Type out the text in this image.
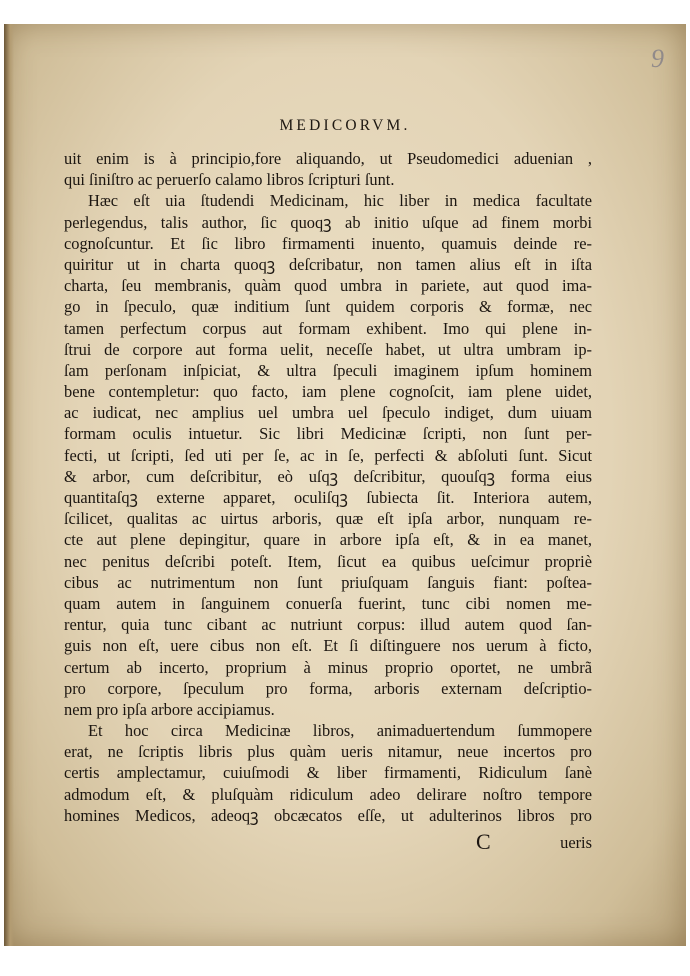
9
MEDICORVM.
uit enim is à principio,fore aliquando, ut Pseudomedici aduenian ,
qui ſiniſtro ac peruerſo calamo libros ſcripturi ſunt.
Hæc eſt uia ſtudendi Medicinam, hic liber in medica facultate
perlegendus, talis author, ſic quoqꝫ ab initio uſque ad finem morbi
cognoſcuntur. Et ſic libro firmamenti inuento, quamuis deinde re-
quiritur ut in charta quoqꝫ deſcribatur, non tamen alius eſt in iſta
charta, ſeu membranis, quàm quod umbra in pariete, aut quod ima-
go in ſpeculo, quæ inditium ſunt quidem corporis & formæ, nec
tamen perfectum corpus aut formam exhibent. Imo qui plene in-
ſtrui de corpore aut forma uelit, neceſſe habet, ut ultra umbram ip-
ſam perſonam inſpiciat, & ultra ſpeculi imaginem ipſum hominem
bene contempletur: quo facto, iam plene cognoſcit, iam plene uidet,
ac iudicat, nec amplius uel umbra uel ſpeculo indiget, dum uiuam
formam oculis intuetur. Sic libri Medicinæ ſcripti, non ſunt per-
fecti, ut ſcripti, ſed uti per ſe, ac in ſe, perfecti & abſoluti ſunt. Sicut
& arbor, cum deſcribitur, eò uſqꝫ deſcribitur, quouſqꝫ forma eius
quantitaſqꝫ externe apparet, oculiſqꝫ ſubiecta ſit. Interiora autem,
ſcilicet, qualitas ac uirtus arboris, quæ eſt ipſa arbor, nunquam re-
cte aut plene depingitur, quare in arbore ipſa eſt, & in ea manet,
nec penitus deſcribi poteſt. Item, ſicut ea quibus ueſcimur propriè
cibus ac nutrimentum non ſunt priuſquam ſanguis fiant: poſtea-
quam autem in ſanguinem conuerſa fuerint, tunc cibi nomen me-
rentur, quia tunc cibant ac nutriunt corpus: illud autem quod ſan-
guis non eſt, uere cibus non eſt. Et ſi diſtinguere nos uerum à ficto,
certum ab incerto, proprium à minus proprio oportet, ne umbrã
pro corpore, ſpeculum pro forma, arboris externam deſcriptio-
nem pro ipſa arbore accipiamus.
Et hoc circa Medicinæ libros, animaduertendum ſummopere
erat, ne ſcriptis libris plus quàm ueris nitamur, neue incertos pro
certis amplectamur, cuiuſmodi & liber firmamenti, Ridiculum ſanè
admodum eſt, & pluſquàm ridiculum adeo delirare noſtro tempore
homines Medicos, adeoqꝫ obcæcatos eſſe, ut adulterinos libros pro
C	ueris
